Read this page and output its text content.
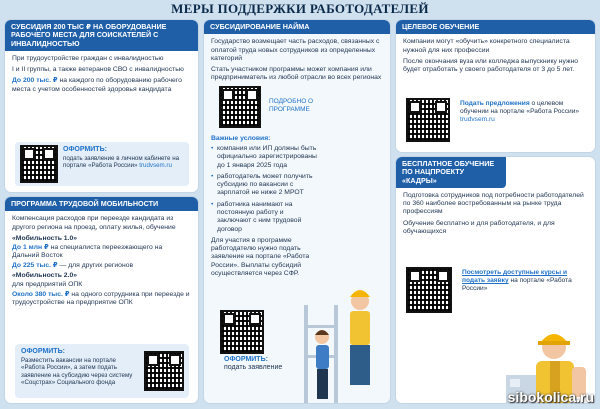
МЕРЫ ПОДДЕРЖКИ РАБОТОДАТЕЛЕЙ
СУБСИДИЯ 200 ТЫС ₽ НА ОБОРУДОВАНИЕ РАБОЧЕГО МЕСТА ДЛЯ СОИСКАТЕЛЕЙ С ИНВАЛИДНОСТЬЮ

При трудоустройстве граждан с инвалидностью

I и II группы, а также ветеранов СВО с инвалидностью

До 200 тыс. ₽ на каждого по оборудованию рабочего места с учетом особенностей здоровья кандидата

ОФОРМИТЬ:
подать заявление в личном кабинете на портале «Работа России» trudvsem.ru
ПРОГРАММА ТРУДОВОЙ МОБИЛЬНОСТИ

Компенсация расходов при переезде кандидата из другого региона на проезд, оплату жилья, обучение

«Мобильность 1.0»

До 1 млн ₽ на специалиста переезжающего на Дальний Восток

До 225 тыс. ₽ — для других регионов

«Мобильность 2.0»

для предприятий ОПК

Около 380 тыс. ₽ на одного сотрудника при переезде и трудоустройстве на предприятие ОПК

ОФОРМИТЬ:
Разместить вакансии на портале «Работа России», а затем подать заявление на субсидию через систему «Соцстрах» Социального фонда
СУБСИДИРОВАНИЕ НАЙМА

Государство возмещает часть расходов, связанных с оплатой труда новых сотрудников из определенных категорий

Стать участником программы может компания или предприниматель из любой отрасли во всех регионах

ПОДРОБНО О ПРОГРАММЕ

Важные условия:

• компания или ИП должны быть официально зарегистрированы до 1 января 2025 года
• работодатель может получить субсидию по вакансии с зарплатой не ниже 2 МРОТ
• работника нанимают на постоянную работу и заключают с ним трудовой договор

Для участия в программе работодателю нужно подать заявление на портале «Работа России». Выплаты субсидий осуществляется через СФР.

ОФОРМИТЬ:
подать заявление
ЦЕЛЕВОЕ ОБУЧЕНИЕ

Компании могут «обучить» конкретного специалиста нужной для них профессии

После окончания вуза или колледжа выпускнику нужно будет отработать у своего работодателя от 3 до 5 лет.

Подать предложения о целевом обучении на портале «Работа России»
trudvsem.ru
БЕСПЛАТНОЕ ОБУЧЕНИЕ ПО НАЦПРОЕКТУ «КАДРЫ»

Подготовка сотрудников под потребности работодателей по 360 наиболее востребованным на рынке труда профессиям

Обучение бесплатно и для работодателя, и для обучающихся

Посмотреть доступные курсы и подать заявку на портале «Работа России»
sibokolica.ru
